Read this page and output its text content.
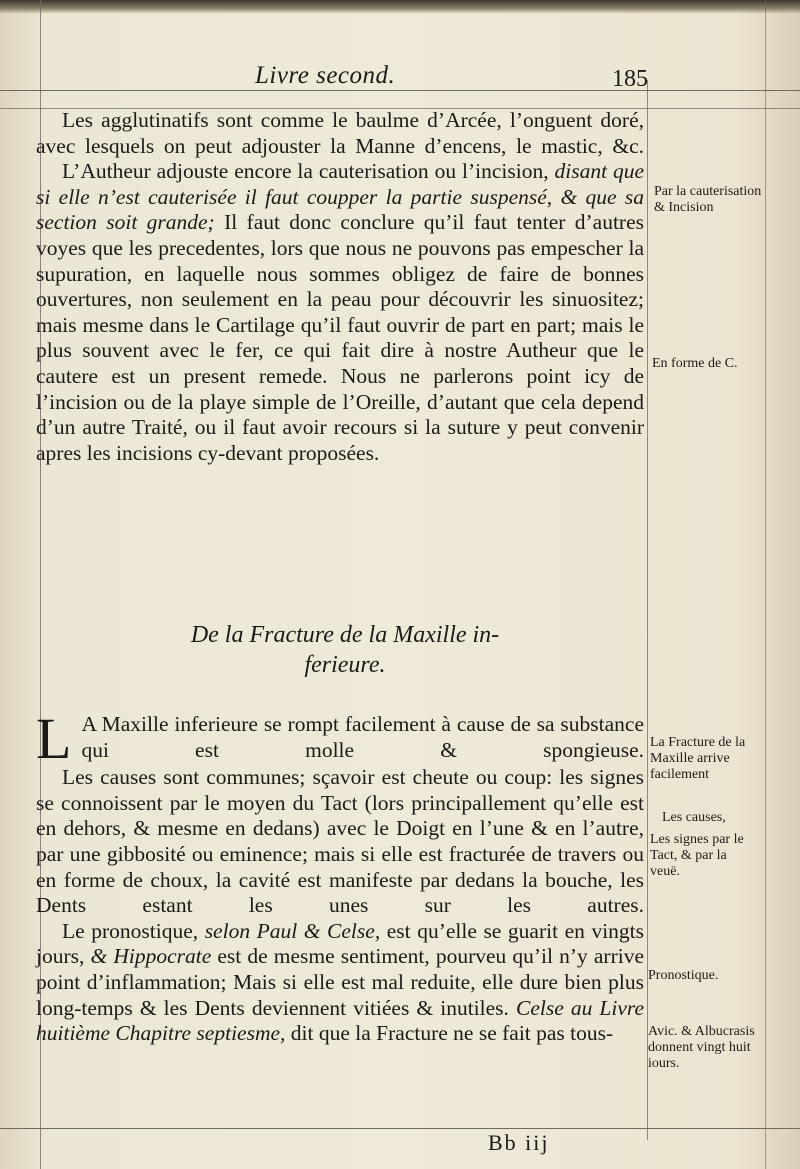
Livre second.	185

Les agglutinatifs sont comme le baulme d’Arcée, l’onguent doré, avec lesquels on peut adjouster la Manne d’encens, le mastic, &c.

L’Autheur adjouste encore la cauterisation ou l’incision, disant que si elle n’est cauterisée il faut coupper la partie suspensé, & que sa section soit grande; Il faut donc conclure qu’il faut tenter d’autres voyes que les precedentes, lors que nous ne pouvons pas empescher la supuration, en laquelle nous sommes obligez de faire de bonnes ouvertures, non seulement en la peau pour découvrir les sinuositez; mais mesme dans le Cartilage qu’il faut ouvrir de part en part; mais le plus souvent avec le fer, ce qui fait dire à nostre Autheur que le cautere est un present remede. Nous ne parlerons point icy de l’incision ou de la playe simple de l’Oreille, d’autant que cela depend d’un autre Traité, ou il faut avoir recours si la suture y peut convenir apres les incisions cy-devant proposées.

De la Fracture de la Maxille in-
ferieure.

L A Maxille inferieure se rompt facilement à cause de sa substance qui est molle & spongieuse.

Les causes sont communes; sçavoir est cheute ou coup: les signes se connoissent par le moyen du Tact (lors principallement qu’elle est en dehors, & mesme en dedans) avec le Doigt en l’une & en l’autre, par une gibbosité ou eminence; mais si elle est fracturée de travers ou en forme de choux, la cavité est manifeste par dedans la bouche, les Dents estant les unes sur les autres.

Le pronostique, selon Paul & Celse, est qu’elle se guarit en vingts jours, & Hippocrate est de mesme sentiment, pourveu qu’il n’y arrive point d’inflammation; Mais si elle est mal reduite, elle dure bien plus long-temps & les Dents deviennent vitiées & inutiles. Celse au Livre huitième Chapitre septiesme, dit que la Fracture ne se fait pas tous-

Par la cauterisation & Incision
En forme de C.
La Fracture de la Maxille arrive facilement
Les causes,
Les signes par le Tact, & par la veuë.
Pronostique.
Avic. & Albucrasis donnent vingt huit iours.
Bb iij
